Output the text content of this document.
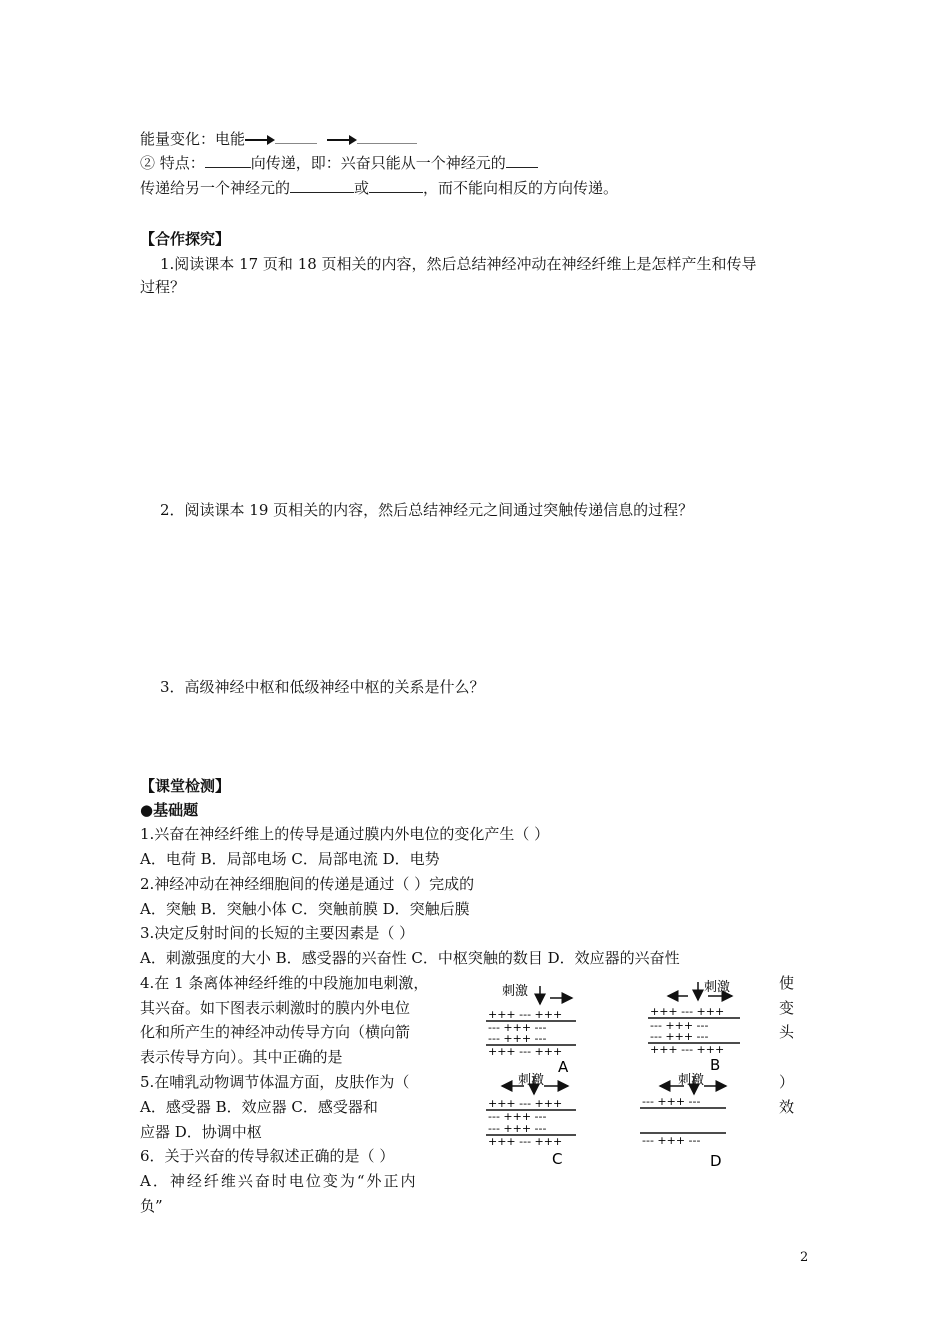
能量变化：电能
② 特点：	向传递，即：兴奋只能从一个神经元的
传递给另一个神经元的	或	，而不能向相反的方向传递。
【合作探究】
1.阅读课本 17 页和 18 页相关的内容，然后总结神经冲动在神经纤维上是怎样产生和传导
过程？
2．阅读课本 19 页相关的内容，然后总结神经元之间通过突触传递信息的过程？
3．高级神经中枢和低级神经中枢的关系是什么？
【课堂检测】
●基础题
1.兴奋在神经纤维上的传导是通过膜内外电位的变化产生（ ）
A．电荷 B．局部电场 C．局部电流 D．电势
2.神经冲动在神经细胞间的传递是通过（ ）完成的
A．突触 B．突触小体 C．突触前膜 D．突触后膜
3.决定反射时间的长短的主要因素是（ ）
A．刺激强度的大小 B．感受器的兴奋性 C．中枢突触的数目 D．效应器的兴奋性
4.在 1 条离体神经纤维的中段施加电刺激，	使
其兴奋。如下图表示刺激时的膜内外电位	变
化和所产生的神经冲动传导方向（横向箭	头
表示传导方向）。其中正确的是
5.在哺乳动物调节体温方面，皮肤作为（	）
A．感受器 B．效应器 C．感受器和	效
应器 D．协调中枢
6．关于兴奋的传导叙述正确的是（ ）
A．神经纤维兴奋时电位变为“外正内
负”
刺激
+++ --- +++
--- +++ ---
--- +++ ---
+++ --- +++
A
刺激
+++ --- +++
--- +++ ---
--- +++ ---
+++ --- +++
B
刺激
+++ --- +++
--- +++ ---
--- +++ ---
+++ --- +++
C
刺激
--- +++ ---
--- +++ ---
D
2
